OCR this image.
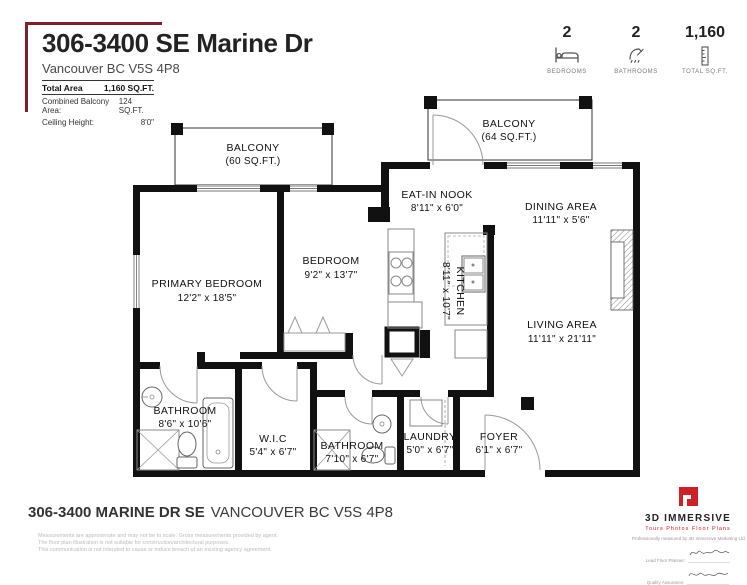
306-3400 SE Marine Dr
Vancouver BC V5S 4P8
Total Area	1,160 SQ.FT.
Combined Balcony Area:
124 SQ.FT.
Ceiling Height:	8'0"
2
BEDROOMS
2
BATHROOMS
1,160
TOTAL SQ.FT.
BALCONY
(60 SQ.FT.)
BALCONY
(64 SQ.FT.)
EAT-IN NOOK
8'11" x 6'0"	DINING AREA
11'11" x 5'6"
LIVING AREA
11'11" x 21'11"
KITCHEN
8'11" x 10'7"
BEDROOM
9'2" x 13'7"
PRIMARY BEDROOM
12'2" x 18'5"
BATHROOM
8'6" x 10'6"
W.I.C
5'4" x 6'7"
BATHROOM
7'10" x 6'7"
LAUNDRY
5'0" x 6'7"
FOYER
6'1" x 6'7"
306-3400 MARINE DR SE VANCOUVER BC V5S 4P8
Measurements are approximate and may not be to scale. Gross measurements provided by agent.
The floor plan illustration is not suitable for construction/architectural purposes.
This communication is not intended to cause or induce breach of an existing agency agreement.
3D IMMERSIVE
Tours Photos Floor Plans
Professionally measured by 3D Immersive Marketing Ltd
Lead Floor Planner:
Quality Assurance:
